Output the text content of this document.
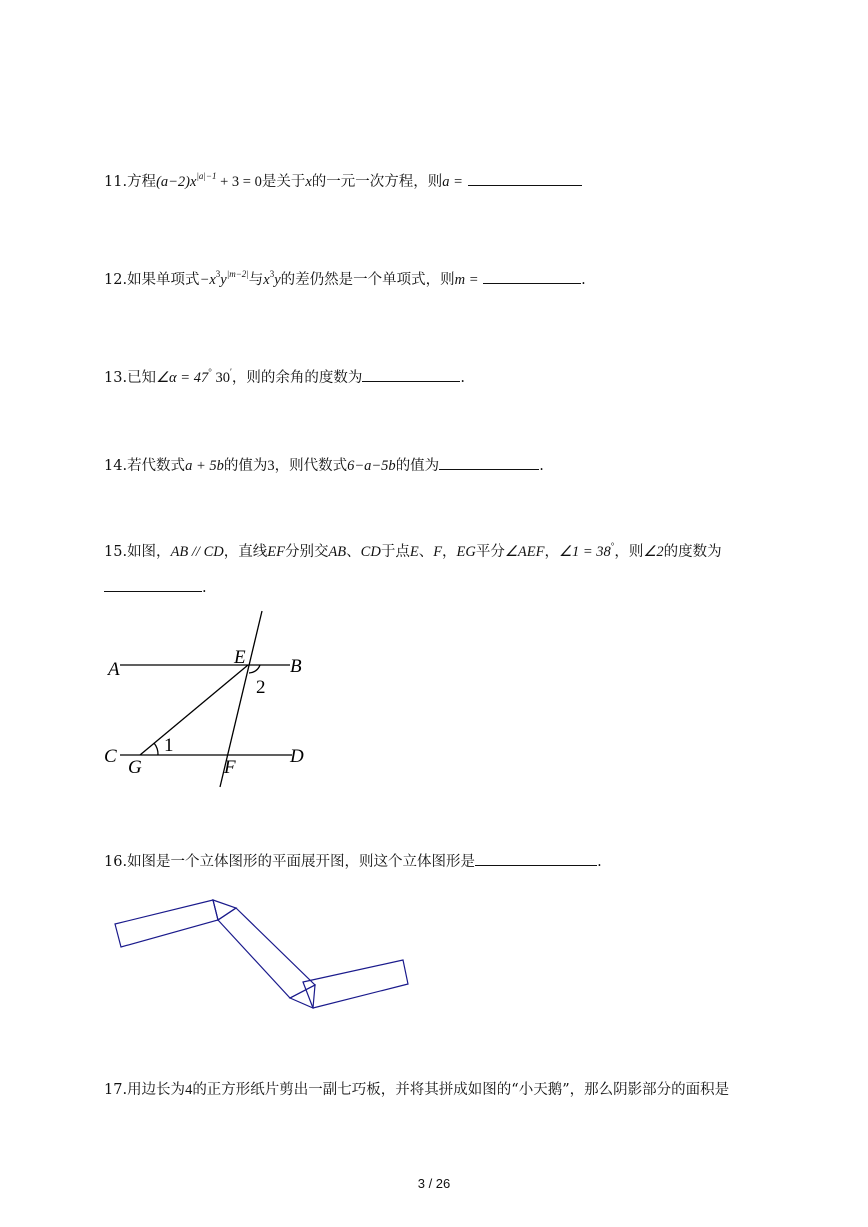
11.方程$(a-2)x^{|a|-1} + 3 = 0$是关于x的一元一次方程，则a =
12.如果单项式$-x^3y^{|m-2|}$与$x^3y$的差仍然是一个单项式，则m =	.
13.已知∠α = 47° 30′，则的余角的度数为	.
14.若代数式a + 5b的值为3，则代数式6−a−5b的值为	.
15.如图，AB // CD，直线EF分别交AB、CD于点E、F，EG平分∠AEF，∠1 = 38°，则∠2的度数为
.
A	B
E
2
C
G
1
F
D
16.如图是一个立体图形的平面展开图，则这个立体图形是	.
17.用边长为4的正方形纸片剪出一副七巧板，并将其拼成如图的“小天鹅”，那么阴影部分的面积是
3 / 26
